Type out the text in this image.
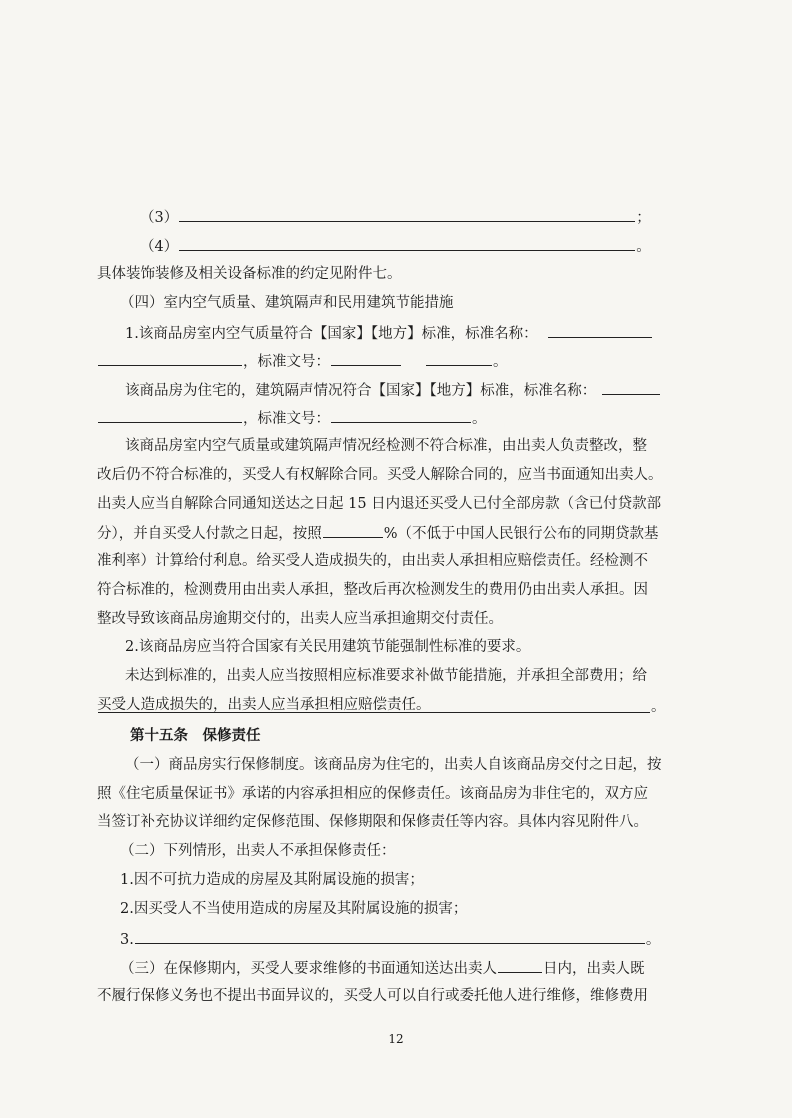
（3）	；
（4）	。
具体装饰装修及相关设备标准的约定见附件七。
（四）室内空气质量、建筑隔声和民用建筑节能措施
1.该商品房室内空气质量符合【国家】【地方】标准，标准名称：
，标准文号：	。
该商品房为住宅的，建筑隔声情况符合【国家】【地方】标准，标准名称：
，标准文号：	。
该商品房室内空气质量或建筑隔声情况经检测不符合标准，由出卖人负责整改，整
改后仍不符合标准的，买受人有权解除合同。买受人解除合同的，应当书面通知出卖人。
出卖人应当自解除合同通知送达之日起 15 日内退还买受人已付全部房款（含已付贷款部
分），并自买受人付款之日起，按照	%（不低于中国人民银行公布的同期贷款基
准利率）计算给付利息。给买受人造成损失的，由出卖人承担相应赔偿责任。经检测不
符合标准的，检测费用由出卖人承担，整改后再次检测发生的费用仍由出卖人承担。因
整改导致该商品房逾期交付的，出卖人应当承担逾期交付责任。
2.该商品房应当符合国家有关民用建筑节能强制性标准的要求。
未达到标准的，出卖人应当按照相应标准要求补做节能措施，并承担全部费用；给
买受人造成损失的，出卖人应当承担相应赔偿责任。	。
第十五条　保修责任
（一）商品房实行保修制度。该商品房为住宅的，出卖人自该商品房交付之日起，按
照《住宅质量保证书》承诺的内容承担相应的保修责任。该商品房为非住宅的，双方应
当签订补充协议详细约定保修范围、保修期限和保修责任等内容。具体内容见附件八。
（二）下列情形，出卖人不承担保修责任：
1.因不可抗力造成的房屋及其附属设施的损害；
2.因买受人不当使用造成的房屋及其附属设施的损害；
3.	。
（三）在保修期内，买受人要求维修的书面通知送达出卖人	日内，出卖人既
不履行保修义务也不提出书面异议的，买受人可以自行或委托他人进行维修，维修费用
12
